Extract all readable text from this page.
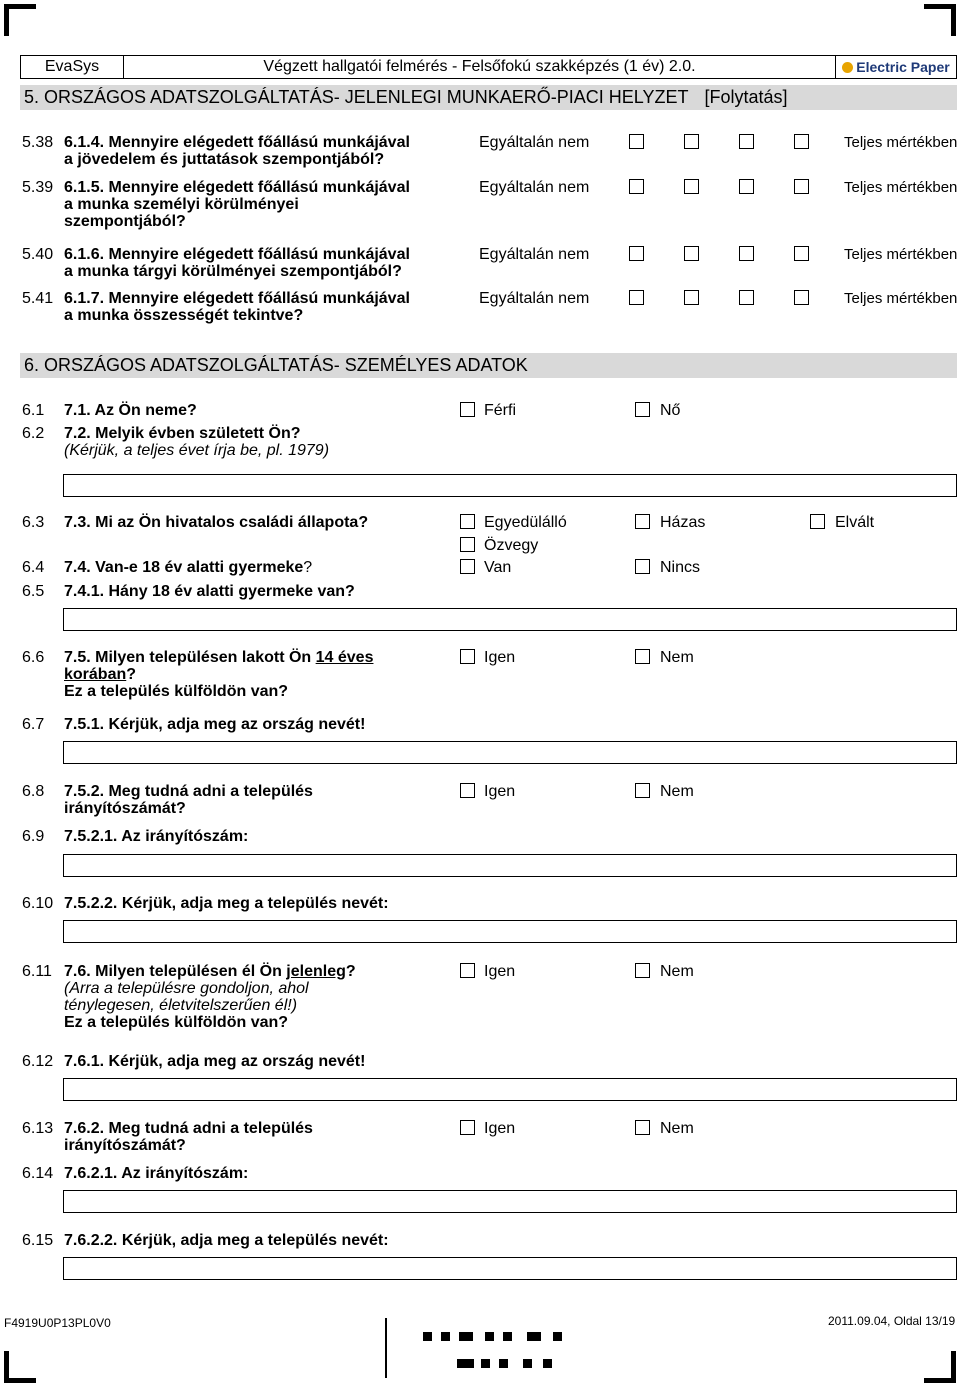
EvaSys	Végzett hallgatói felmérés - Felsőfokú szakképzés (1 év) 2.0.	Electric Paper
5. ORSZÁGOS ADATSZOLGÁLTATÁS- JELENLEGI MUNKAERŐ-PIACI HELYZET [Folytatás]
5.38 6.1.4. Mennyire elégedett főállású munkájával
a jövedelem és juttatások szempontjából?
Egyáltalán nem	Teljes mértékben
5.39 6.1.5. Mennyire elégedett főállású munkájával
a munka személyi körülményei
szempontjából?
Egyáltalán nem	Teljes mértékben
5.40 6.1.6. Mennyire elégedett főállású munkájával
a munka tárgyi körülményei szempontjából?
Egyáltalán nem	Teljes mértékben
5.41 6.1.7. Mennyire elégedett főállású munkájával
a munka összességét tekintve?
Egyáltalán nem	Teljes mértékben
6. ORSZÁGOS ADATSZOLGÁLTATÁS- SZEMÉLYES ADATOK
6.1 7.1. Az Ön neme?	Férfi	Nő
6.2 7.2. Melyik évben született Ön?
(Kérjük, a teljes évet írja be, pl. 1979)
6.3 7.3. Mi az Ön hivatalos családi állapota?	Egyedülálló	Házas	Elvált
Özvegy
6.4 7.4. Van-e 18 év alatti gyermeke?	Van	Nincs
6.5 7.4.1. Hány 18 év alatti gyermeke van?
6.6 7.5. Milyen településen lakott Ön 14 éves
korában?
Ez a település külföldön van?
Igen	Nem
6.7 7.5.1. Kérjük, adja meg az ország nevét!
6.8 7.5.2. Meg tudná adni a település
irányítószámát?
Igen	Nem
6.9 7.5.2.1. Az irányítószám:
6.10 7.5.2.2. Kérjük, adja meg a település nevét:
6.11 7.6. Milyen településen él Ön jelenleg?
(Arra a településre gondoljon, ahol
ténylegesen, életvitelszerűen él!)
Ez a település külföldön van?
Igen	Nem
6.12 7.6.1. Kérjük, adja meg az ország nevét!
6.13 7.6.2. Meg tudná adni a település
irányítószámát?
Igen	Nem
6.14 7.6.2.1. Az irányítószám:
6.15 7.6.2.2. Kérjük, adja meg a település nevét:
F4919U0P13PL0V0	2011.09.04, Oldal 13/19
